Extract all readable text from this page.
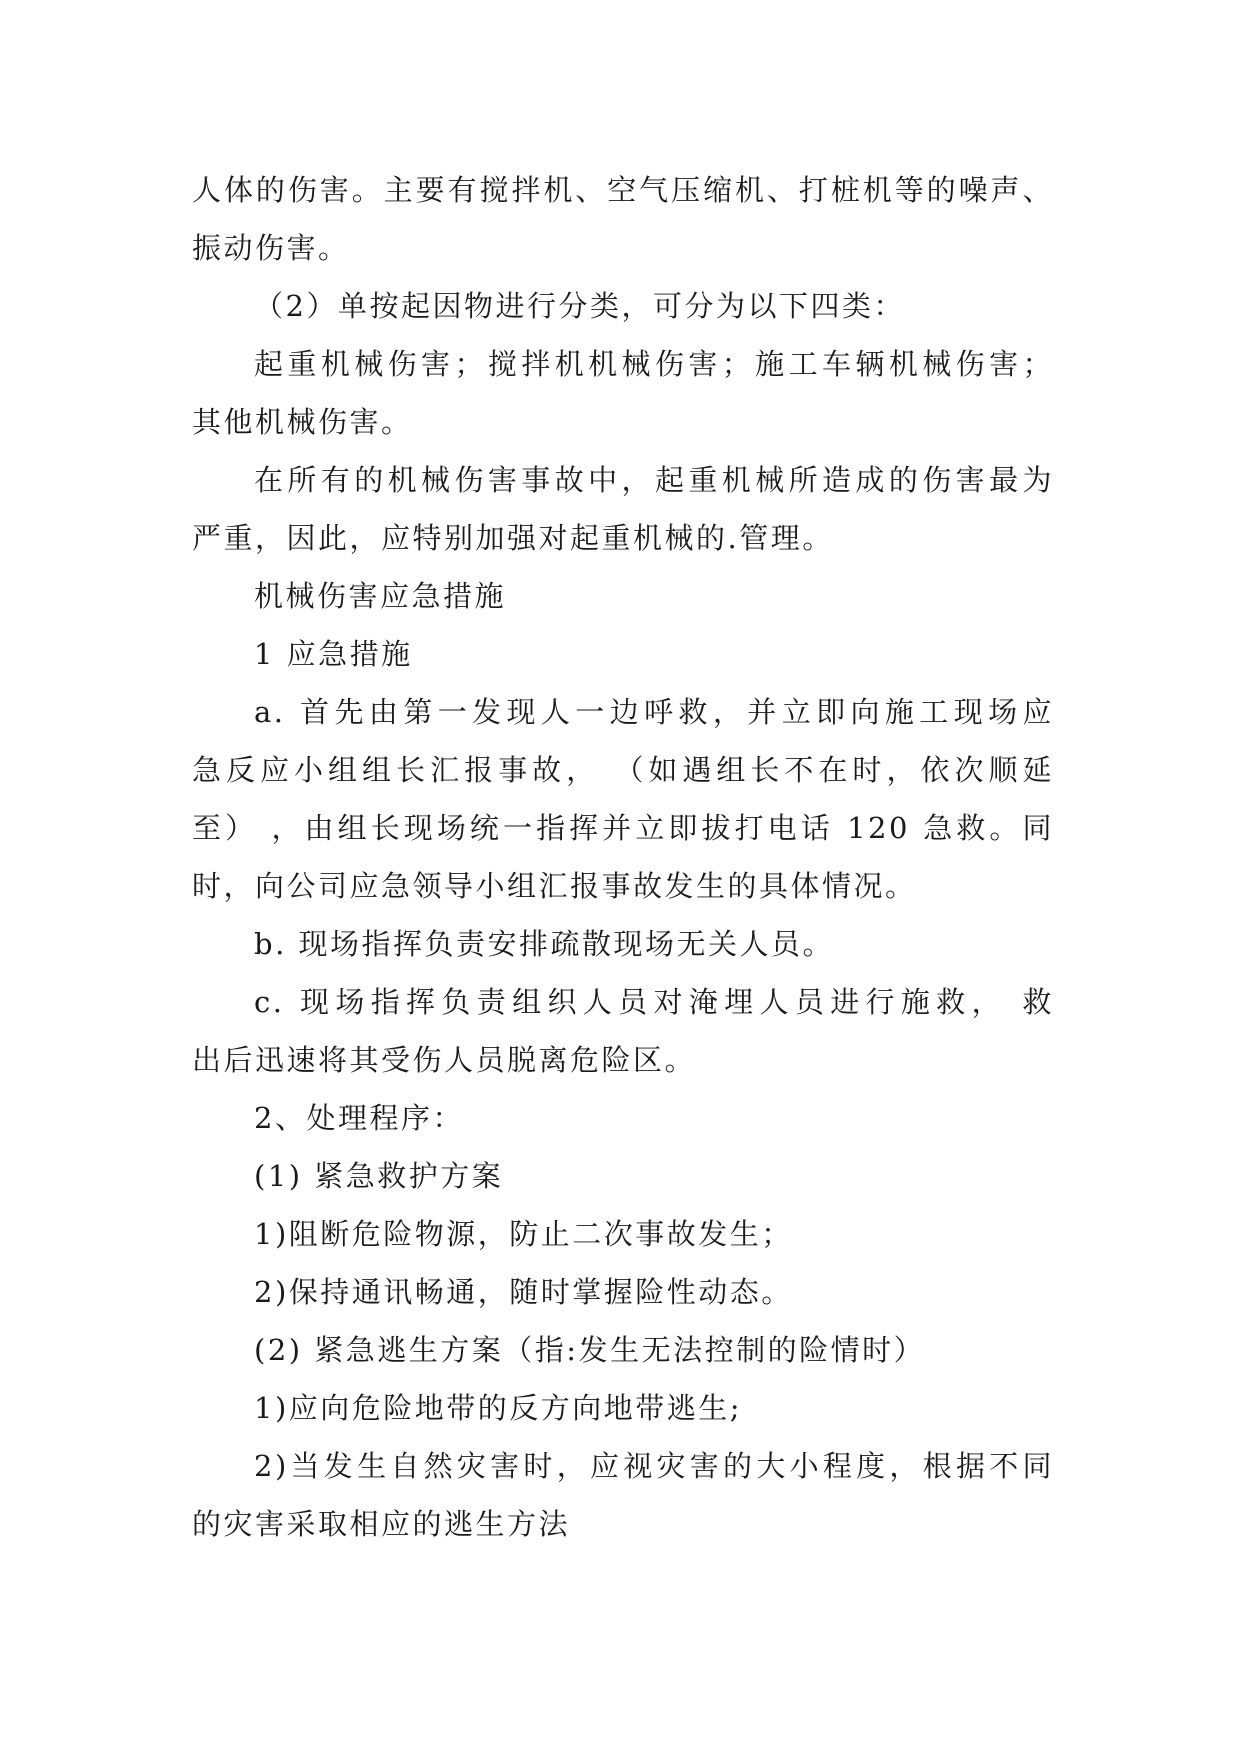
人体的伤害。主要有搅拌机、空气压缩机、打桩机等的噪声、
振动伤害。
（2）单按起因物进行分类，可分为以下四类：
起重机械伤害；搅拌机机械伤害；施工车辆机械伤害；
其他机械伤害。
在所有的机械伤害事故中，起重机械所造成的伤害最为
严重，因此，应特别加强对起重机械的.管理。
机械伤害应急措施
1 应急措施
a. 首先由第一发现人一边呼救，并立即向施工现场应
急反应小组组长汇报事故， （如遇组长不在时，依次顺延
至） ，由组长现场统一指挥并立即拔打电话 120 急救。同
时，向公司应急领导小组汇报事故发生的具体情况。
b. 现场指挥负责安排疏散现场无关人员。
c. 现场指挥负责组织人员对淹埋人员进行施救， 救
出后迅速将其受伤人员脱离危险区。
2、处理程序：
(1) 紧急救护方案
1)阻断危险物源，防止二次事故发生；
2)保持通讯畅通，随时掌握险性动态。
(2) 紧急逃生方案（指:发生无法控制的险情时）
1)应向危险地带的反方向地带逃生;
2)当发生自然灾害时，应视灾害的大小程度，根据不同
的灾害采取相应的逃生方法
